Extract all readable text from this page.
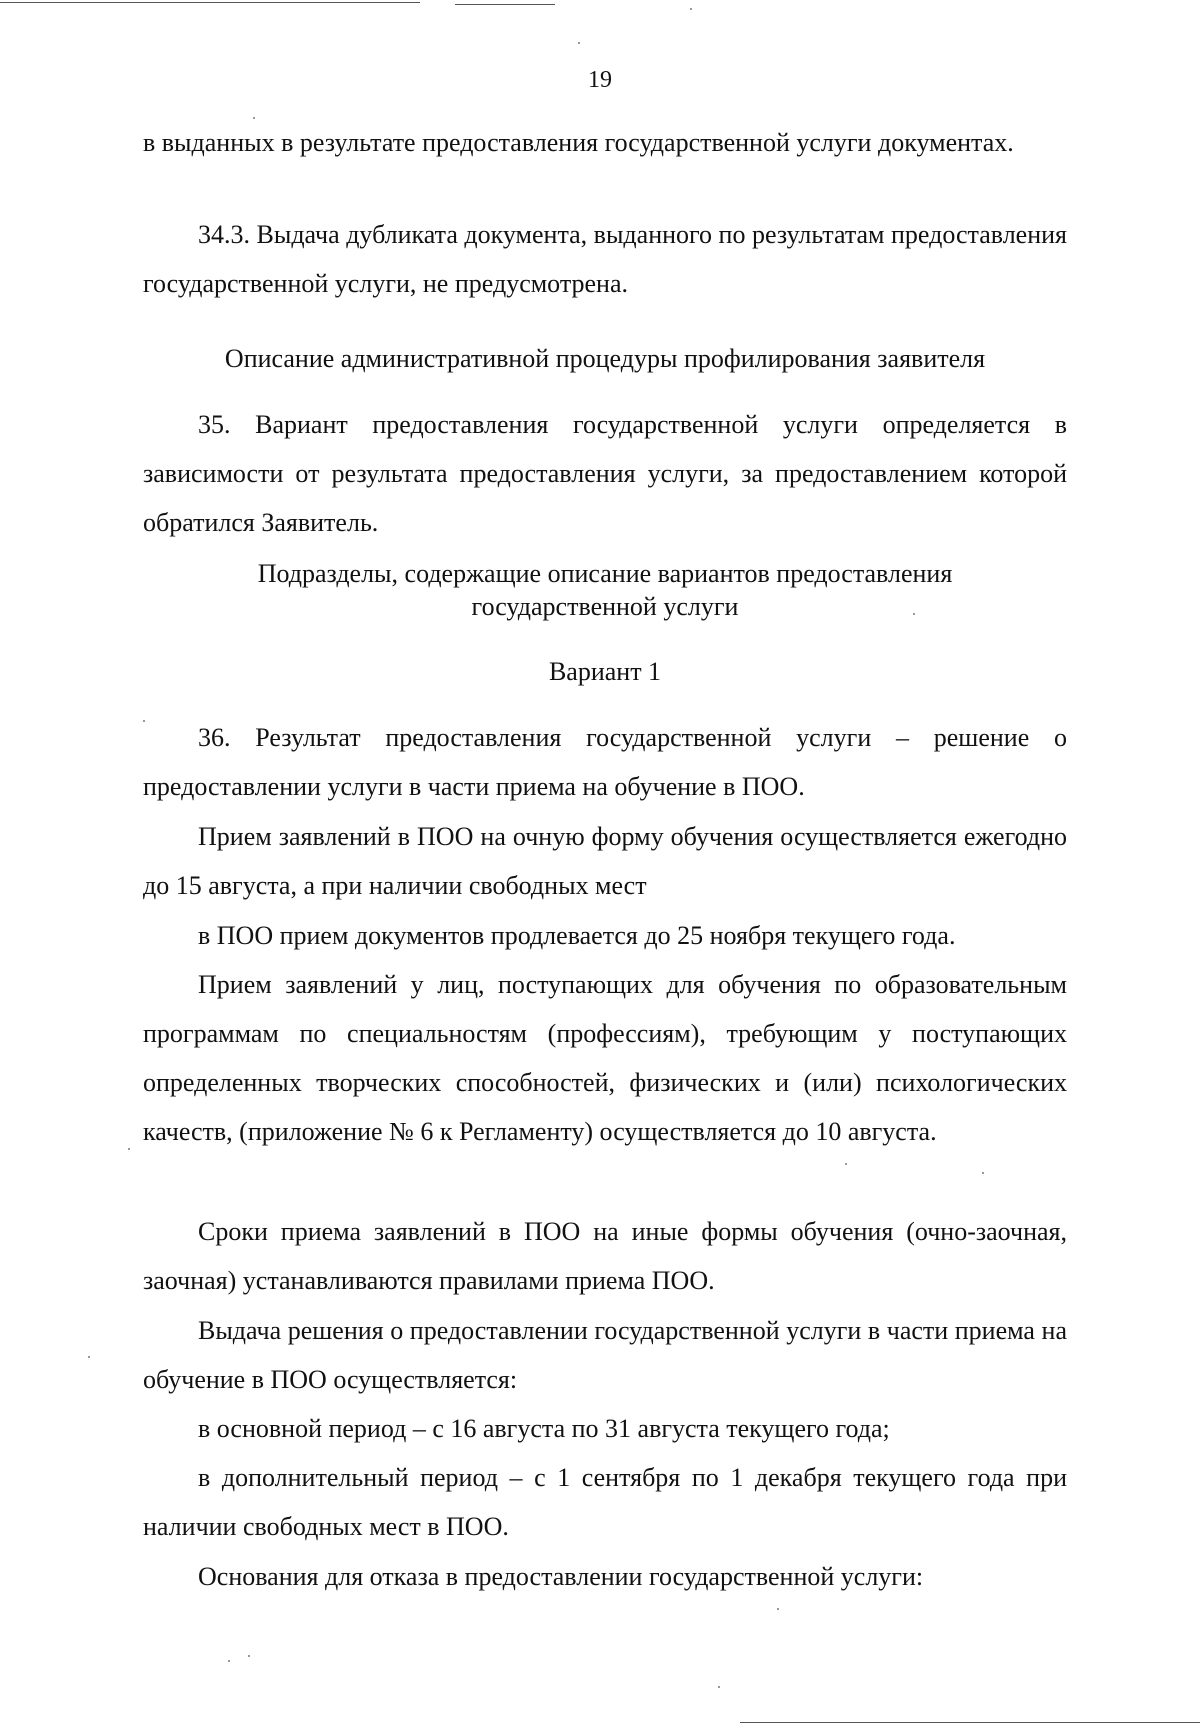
19

в выданных в результате предоставления государственной услуги документах.

34.3. Выдача дубликата документа, выданного по результатам предоставления государственной услуги, не предусмотрена.

Описание административной процедуры профилирования заявителя

35. Вариант предоставления государственной услуги определяется в зависимости от результата предоставления услуги, за предоставлением которой обратился Заявитель.

Подразделы, содержащие описание вариантов предоставления

государственной услуги

Вариант 1

36. Результат предоставления государственной услуги – решение о предоставлении услуги в части приема на обучение в ПОО.

Прием заявлений в ПОО на очную форму обучения осуществляется ежегодно до 15 августа, а при наличии свободных мест

в ПОО прием документов продлевается до 25 ноября текущего года.

Прием заявлений у лиц, поступающих для обучения по образовательным программам по специальностям (профессиям), требующим у поступающих определенных творческих способностей, физических и (или) психологических качеств, (приложение № 6 к Регламенту) осуществляется до 10 августа.

Сроки приема заявлений в ПОО на иные формы обучения (очно-заочная, заочная) устанавливаются правилами приема ПОО.

Выдача решения о предоставлении государственной услуги в части приема на обучение в ПОО осуществляется:

в основной период – с 16 августа по 31 августа текущего года;

в дополнительный период – с 1 сентября по 1 декабря текущего года при наличии свободных мест в ПОО.

Основания для отказа в предоставлении государственной услуги:
